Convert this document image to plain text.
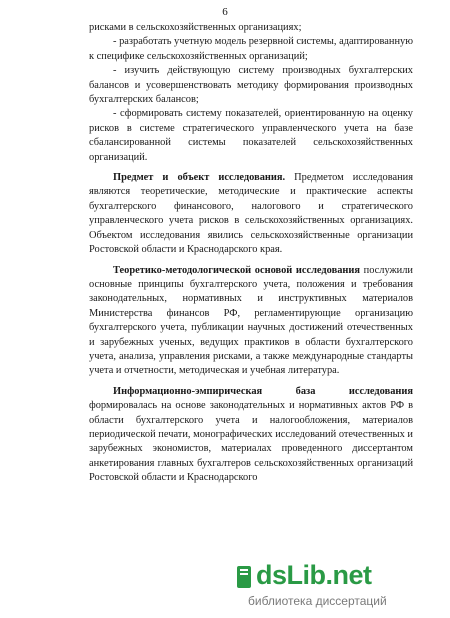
6

рисками в сельскохозяйственных организациях;

- разработать учетную модель резервной системы, адаптированную к специфике сельскохозяйственных организаций;

- изучить действующую систему производных бухгалтерских балансов и усовершенствовать методику формирования производных бухгалтерских балансов;

- сформировать систему показателей, ориентированную на оценку рисков в системе стратегического управленческого учета на базе сбалансированной системы показателей сельскохозяйственных организаций.

Предмет и объект исследования. Предметом исследования являются теоретические, методические и практические аспекты бухгалтерского финансового, налогового и стратегического управленческого учета рисков в сельскохозяйственных организациях. Объектом исследования явились сельскохозяйственные организации Ростовской области и Краснодарского края.

Теоретико-методологической основой исследования послужили основные принципы бухгалтерского учета, положения и требования законодательных, нормативных и инструктивных материалов Министерства финансов РФ, регламентирующие организацию бухгалтерского учета, публикации научных достижений отечественных и зарубежных ученых, ведущих практиков в области бухгалтерского учета, анализа, управления рисками, а также международные стандарты учета и отчетности, методическая и учебная литература.

Информационно-эмпирическая база исследования формировалась на основе законодательных и нормативных актов РФ в области бухгалтерского учета и налогообложения, материалов периодической печати, монографических исследований отечественных и зарубежных экономистов, материалах проведенного диссертантом анкетирования главных бухгалтеров сельскохозяйственных организаций Ростовской области и Краснодарского

dsLib.net
библиотека диссертаций
